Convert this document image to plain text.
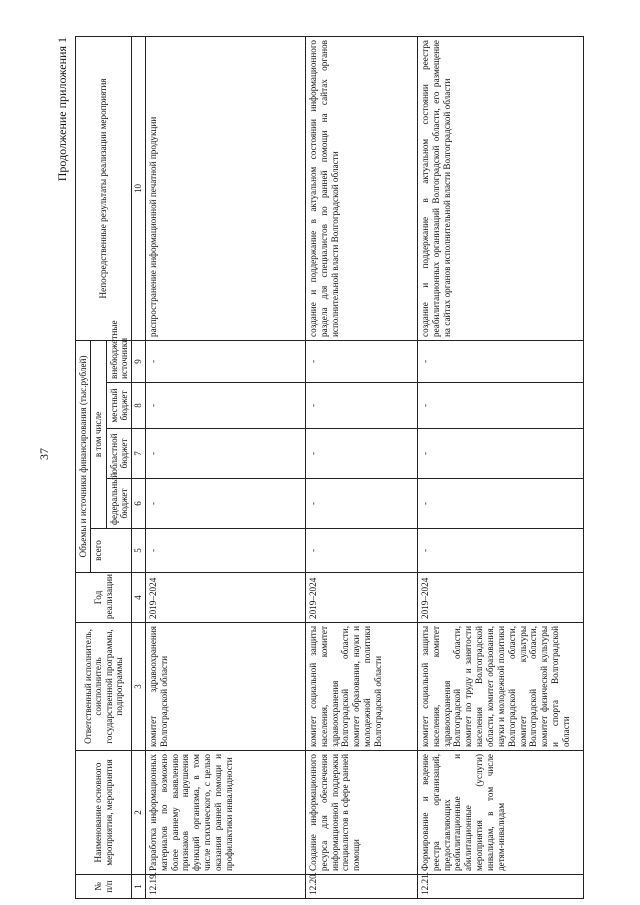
37
Продолжение приложения 1
№ п/п	Наименование основного мероприятия, мероприятия	Ответственный исполнитель, соисполнитель государственной программы, подпрограммы	Год реализации	Объемы и источники финансирования (тыс.рублей)					Непосредственные результаты реализации мероприятия
				всего	в том числе				
					федеральный бюджет	областной бюджет	местный бюджет	внебюджетные источники	
1	2	3	4	5	6	7	8	9	10
12.19.	Разработка информационных материалов по возможно более раннему выявлению признаков нарушения функций организма, в том числе психического, с целью оказания ранней помощи и профилактики инвалидности	комитет здравоохранения Волгоградской области	2019–2024	-	-	-	-	-	распространение информационной печатной продукции
12.20.	Создание информационного ресурса для обеспечения информационной поддержки специалистов в сфере ранней помощи	комитет социальной защиты населения, комитет здравоохранения Волгоградской области, комитет образования, науки и молодежной политики Волгоградской области	2019–2024	-	-	-	-	-	создание и поддержание в актуальном состоянии информационного раздела для специалистов по ранней помощи на сайтах органов исполнительной власти Волгоградской области
12.21.	Формирование и ведение реестра организаций, предоставляющих реабилитационные и абилитационные мероприятия (услуги) инвалидам, в том числе детям-инвалидам	комитет социальной защиты населения, комитет здравоохранения Волгоградской области, комитет по труду и занятости населения Волгоградской области, комитет образования, науки и молодежной политики Волгоградской области, комитет культуры Волгоградской области, комитет физической культуры и спорта Волгоградской области	2019–2024	-	-	-	-	-	создание и поддержание в актуальном состоянии реестра реабилитационных организаций Волгоградской области, его размещение на сайтах органов исполнительной власти Волгоградской области
